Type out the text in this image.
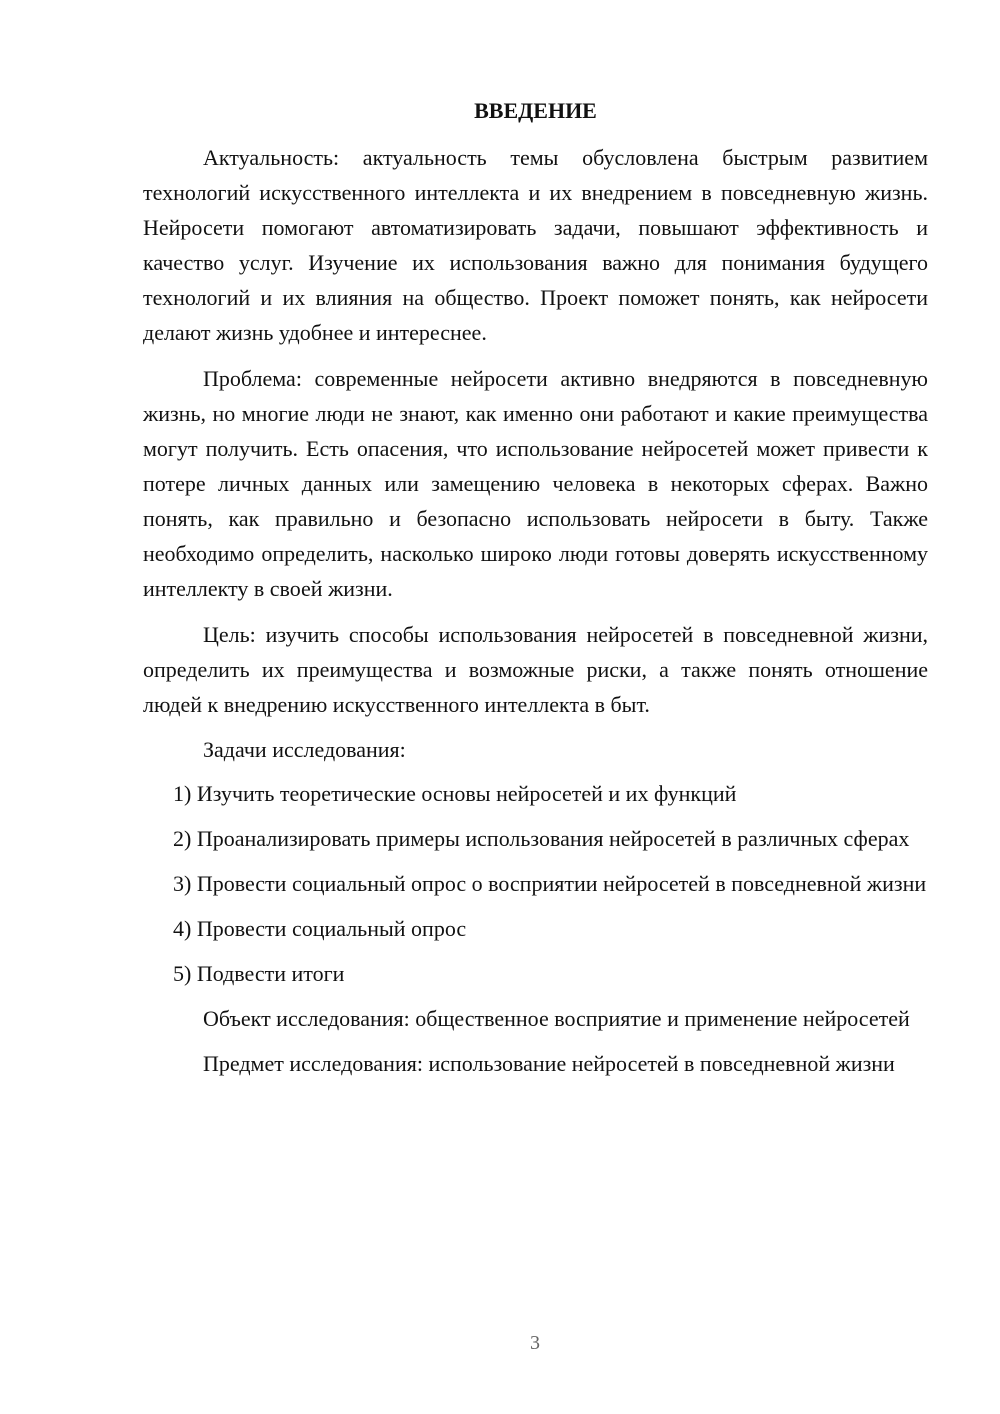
ВВЕДЕНИЕ

Актуальность: актуальность темы обусловлена быстрым развитием технологий искусственного интеллекта и их внедрением в повседневную жизнь. Нейросети помогают автоматизировать задачи, повышают эффективность и качество услуг. Изучение их использования важно для понимания будущего технологий и их влияния на общество. Проект поможет понять, как нейросети делают жизнь удобнее и интереснее.

Проблема: современные нейросети активно внедряются в повседневную жизнь, но многие люди не знают, как именно они работают и какие преимущества могут получить. Есть опасения, что использование нейросетей может привести к потере личных данных или замещению человека в некоторых сферах. Важно понять, как правильно и безопасно использовать нейросети в быту. Также необходимо определить, насколько широко люди готовы доверять искусственному интеллекту в своей жизни.

Цель: изучить способы использования нейросетей в повседневной жизни, определить их преимущества и возможные риски, а также понять отношение людей к внедрению искусственного интеллекта в быт.

Задачи исследования:

1) Изучить теоретические основы нейросетей и их функций

2) Проанализировать примеры использования нейросетей в различных сферах

3) Провести социальный опрос о восприятии нейросетей в повседневной жизни

4) Провести социальный опрос

5) Подвести итоги

Объект исследования: общественное восприятие и применение нейросетей

Предмет исследования: использование нейросетей в повседневной жизни

3
